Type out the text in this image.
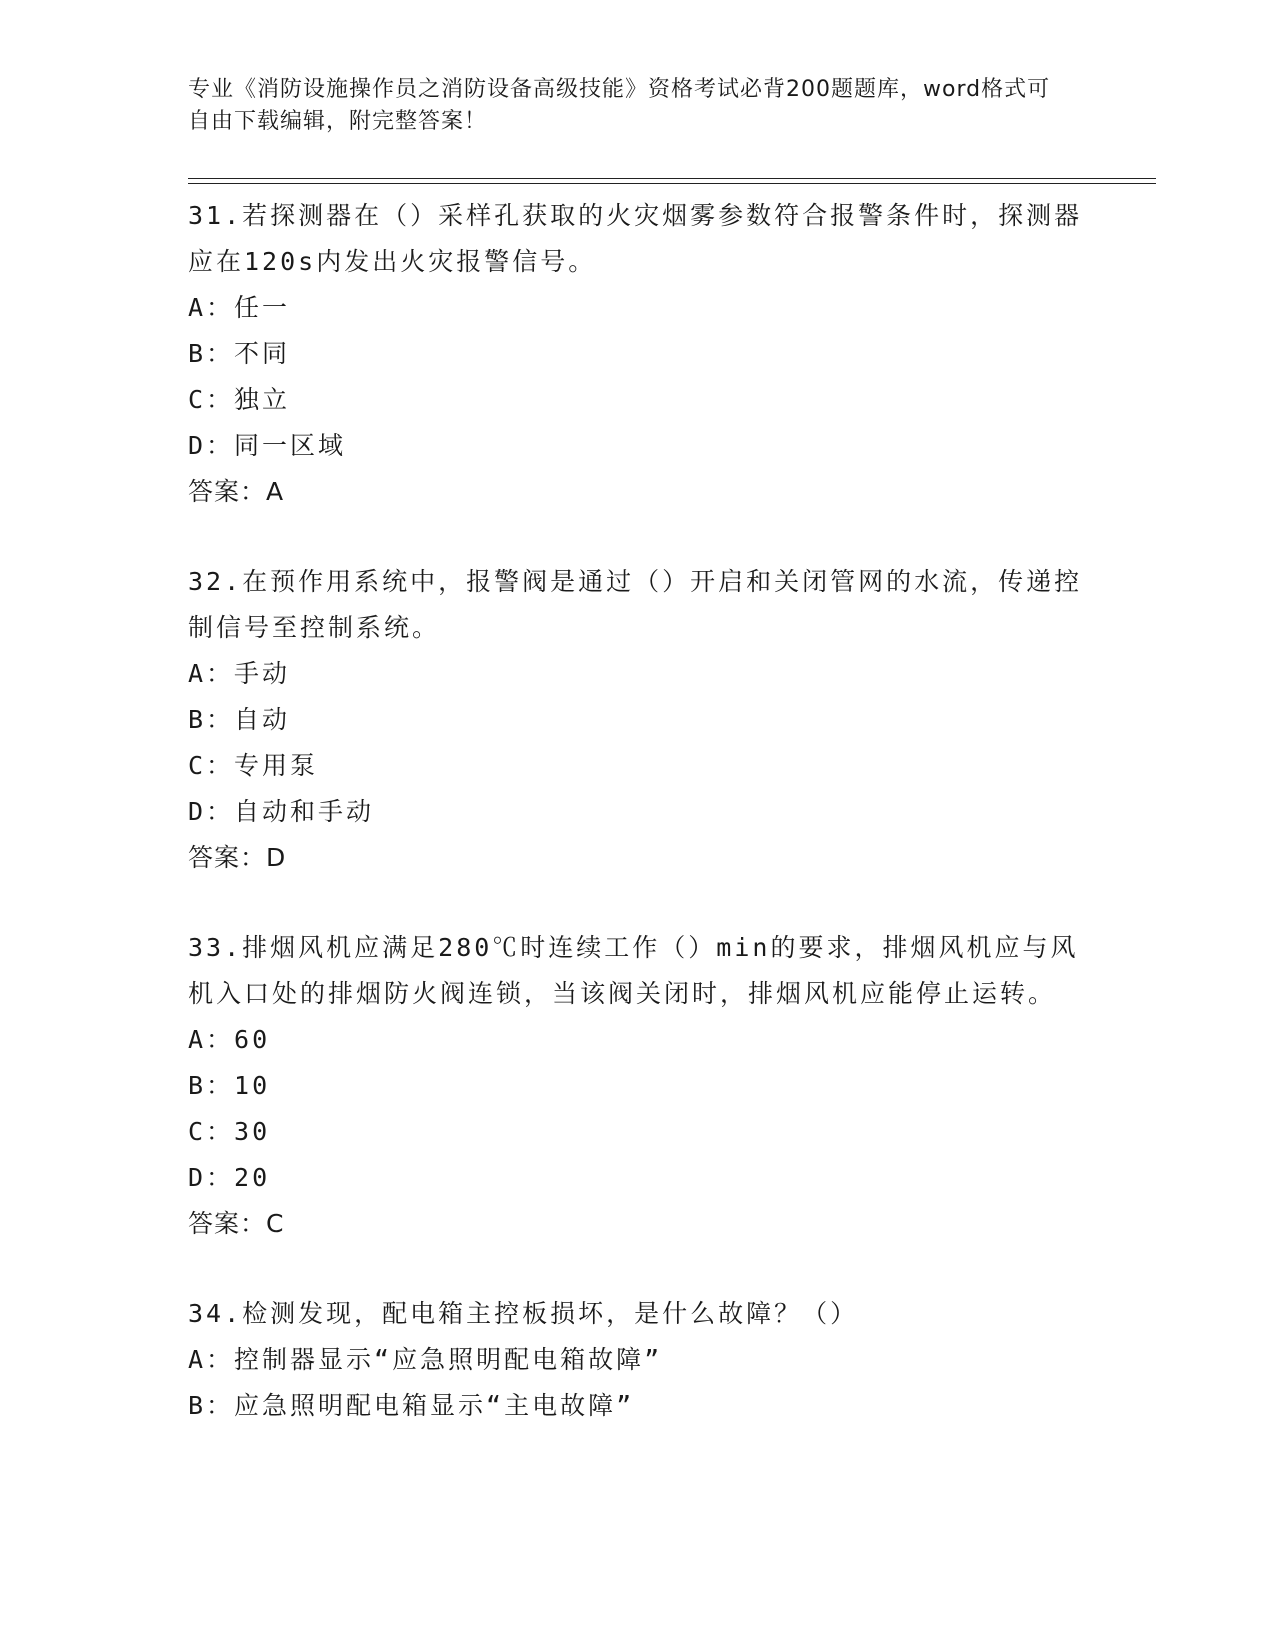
专业《消防设施操作员之消防设备高级技能》资格考试必背200题题库，word格式可自由下载编辑，附完整答案！

31.若探测器在（）采样孔获取的火灾烟雾参数符合报警条件时，探测器应在120s内发出火灾报警信号。

A：任一

B：不同

C：独立

D：同一区域

答案：A

32.在预作用系统中，报警阀是通过（）开启和关闭管网的水流，传递控制信号至控制系统。

A：手动

B：自动

C：专用泵

D：自动和手动

答案：D

33.排烟风机应满足280℃时连续工作（）min的要求，排烟风机应与风机入口处的排烟防火阀连锁，当该阀关闭时，排烟风机应能停止运转。

A：60

B：10

C：30

D：20

答案：C

34.检测发现，配电箱主控板损坏，是什么故障？（）

A：控制器显示“应急照明配电箱故障”

B：应急照明配电箱显示“主电故障”
